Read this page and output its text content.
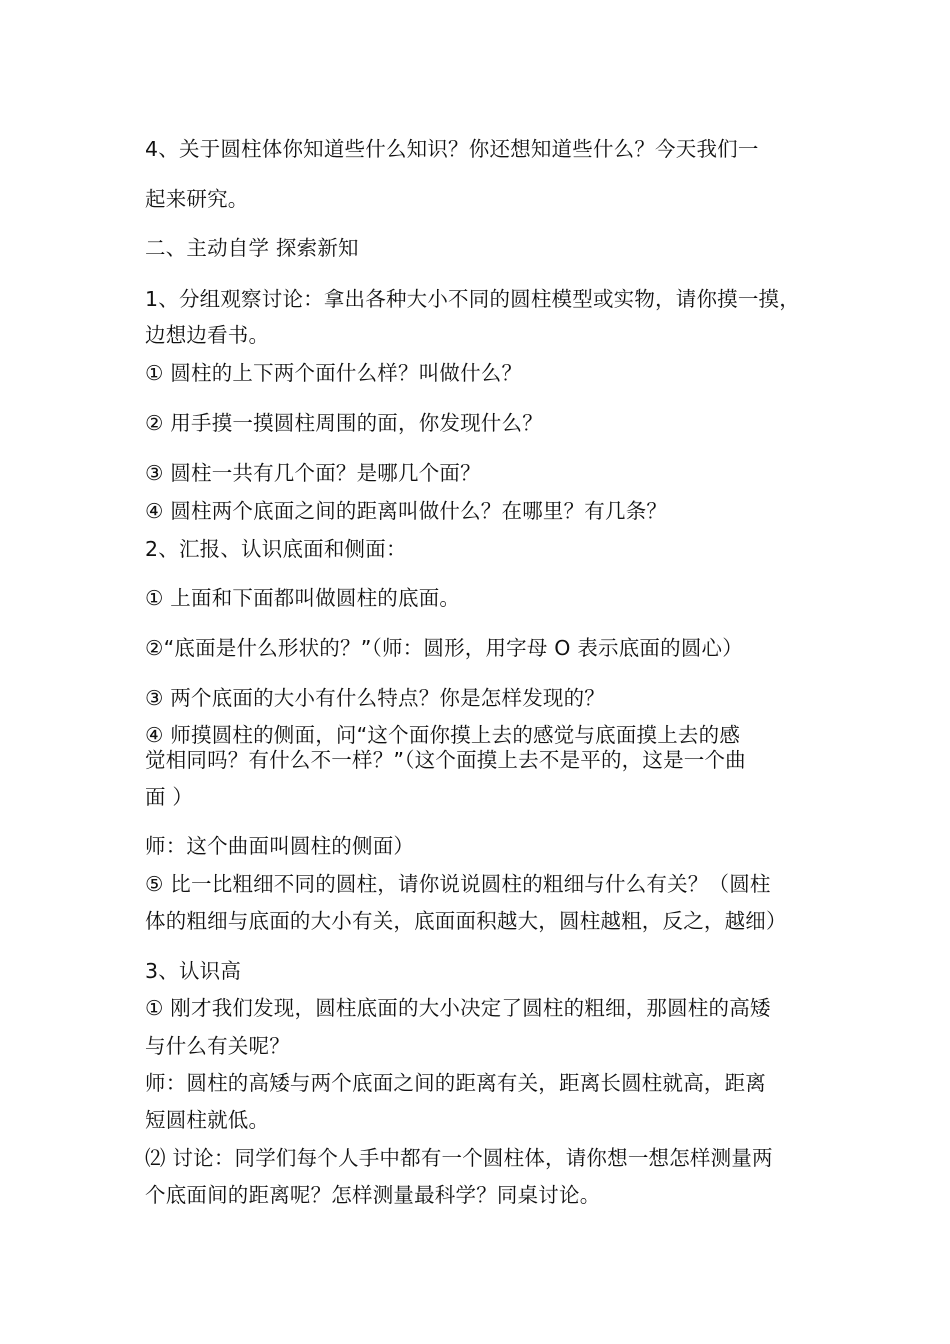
4、关于圆柱体你知道些什么知识？你还想知道些什么？今天我们一
起来研究。
二、主动自学 探索新知
1、分组观察讨论：拿出各种大小不同的圆柱模型或实物，请你摸一摸，
边想边看书。
① 圆柱的上下两个面什么样？叫做什么？
② 用手摸一摸圆柱周围的面，你发现什么？
③ 圆柱一共有几个面？是哪几个面？
④ 圆柱两个底面之间的距离叫做什么？在哪里？有几条？
2、汇报、认识底面和侧面：
① 上面和下面都叫做圆柱的底面。
②“底面是什么形状的？”（师：圆形，用字母 O 表示底面的圆心）
③ 两个底面的大小有什么特点？你是怎样发现的？
④ 师摸圆柱的侧面，问“这个面你摸上去的感觉与底面摸上去的感
觉相同吗？有什么不一样？”（这个面摸上去不是平的，这是一个曲
面 ）
师：这个曲面叫圆柱的侧面）
⑤ 比一比粗细不同的圆柱，请你说说圆柱的粗细与什么有关？（圆柱
体的粗细与底面的大小有关，底面面积越大，圆柱越粗，反之，越细）
3、认识高
① 刚才我们发现，圆柱底面的大小决定了圆柱的粗细，那圆柱的高矮
与什么有关呢？
师：圆柱的高矮与两个底面之间的距离有关，距离长圆柱就高，距离
短圆柱就低。
⑵ 讨论：同学们每个人手中都有一个圆柱体，请你想一想怎样测量两
个底面间的距离呢？怎样测量最科学？同桌讨论。
